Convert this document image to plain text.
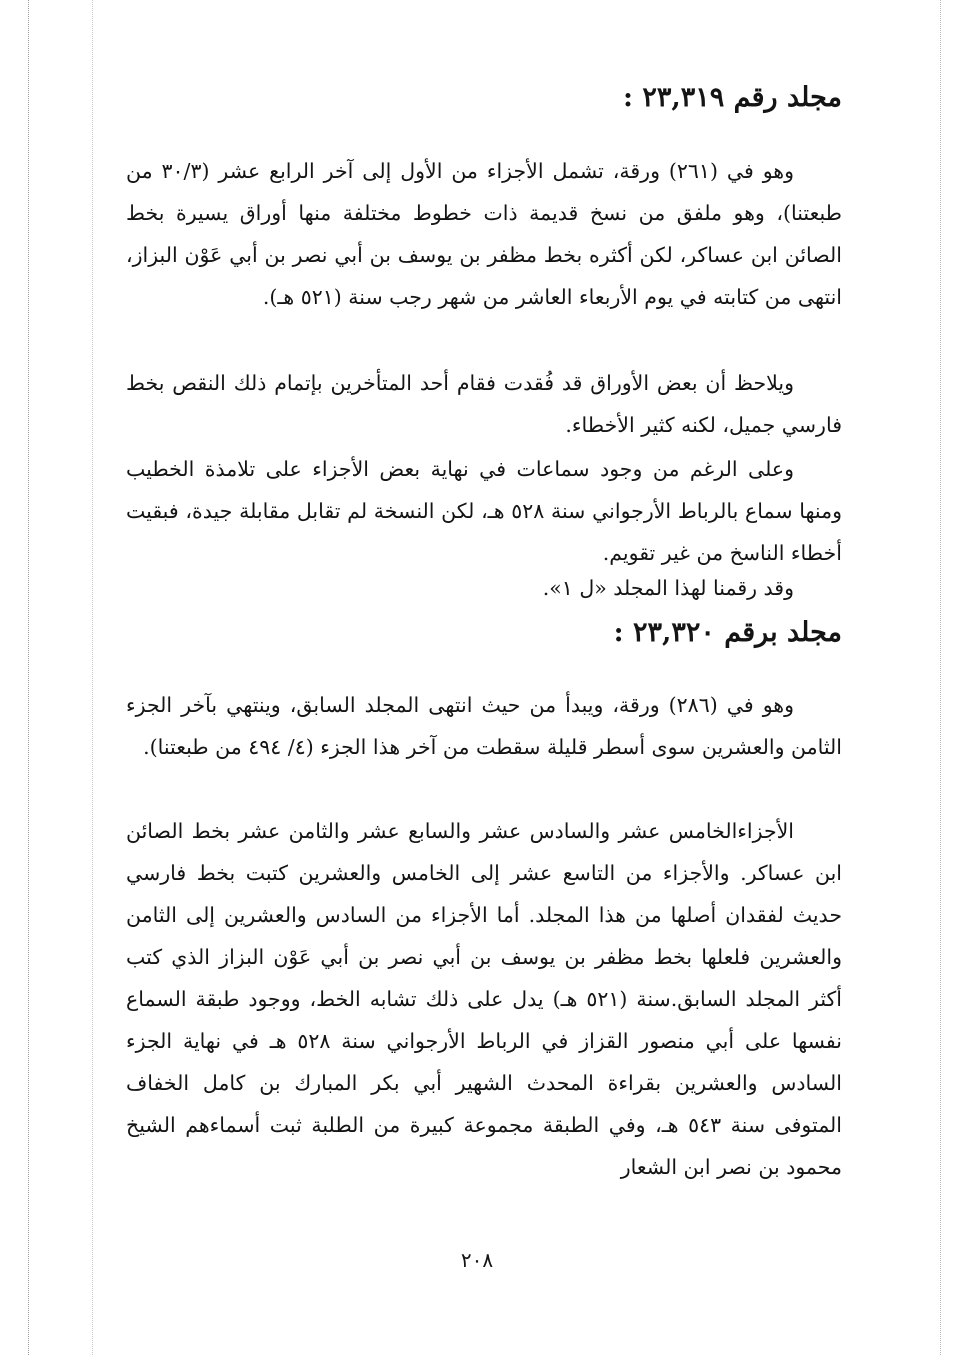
مجلد رقم ٢٣,٣١٩ :

وهو في (٢٦١) ورقة، تشمل الأجزاء من الأول إلى آخر الرابع عشر (٣٠/٣ من طبعتنا)، وهو ملفق من نسخ قديمة ذات خطوط مختلفة منها أوراق يسيرة بخط الصائن ابن عساكر، لكن أكثره بخط مظفر بن يوسف بن أبي نصر بن أبي عَوْن البزاز، انتهى من كتابته في يوم الأربعاء العاشر من شهر رجب سنة (٥٢١ هـ).

ويلاحظ أن بعض الأوراق قد فُقدت فقام أحد المتأخرين بإتمام ذلك النقص بخط فارسي جميل، لكنه كثير الأخطاء.

وعلى الرغم من وجود سماعات في نهاية بعض الأجزاء على تلامذة الخطيب ومنها سماع بالرباط الأرجواني سنة ٥٢٨ هـ، لكن النسخة لم تقابل مقابلة جيدة، فبقيت أخطاء الناسخ من غير تقويم.

وقد رقمنا لهذا المجلد «ل ١».

مجلد برقم ٢٣,٣٢٠ :

وهو في (٢٨٦) ورقة، ويبدأ من حيث انتهى المجلد السابق، وينتهي بآخر الجزء الثامن والعشرين سوى أسطر قليلة سقطت من آخر هذا الجزء (٤/ ٤٩٤ من طبعتنا).

الأجزاءالخامس عشر والسادس عشر والسابع عشر والثامن عشر بخط الصائن ابن عساكر. والأجزاء من التاسع عشر إلى الخامس والعشرين كتبت بخط فارسي حديث لفقدان أصلها من هذا المجلد. أما الأجزاء من السادس والعشرين إلى الثامن والعشرين فلعلها بخط مظفر بن يوسف بن أبي نصر بن أبي عَوْن البزاز الذي كتب أكثر المجلد السابق.سنة (٥٢١ هـ) يدل على ذلك تشابه الخط، ووجود طبقة السماع نفسها على أبي منصور القزاز في الرباط الأرجواني سنة ٥٢٨ هـ في نهاية الجزء السادس والعشرين بقراءة المحدث الشهير أبي بكر المبارك بن كامل الخفاف المتوفى سنة ٥٤٣ هـ، وفي الطبقة مجموعة كبيرة من الطلبة ثبت أسماءهم الشيخ محمود بن نصر ابن الشعار

٢٠٨
